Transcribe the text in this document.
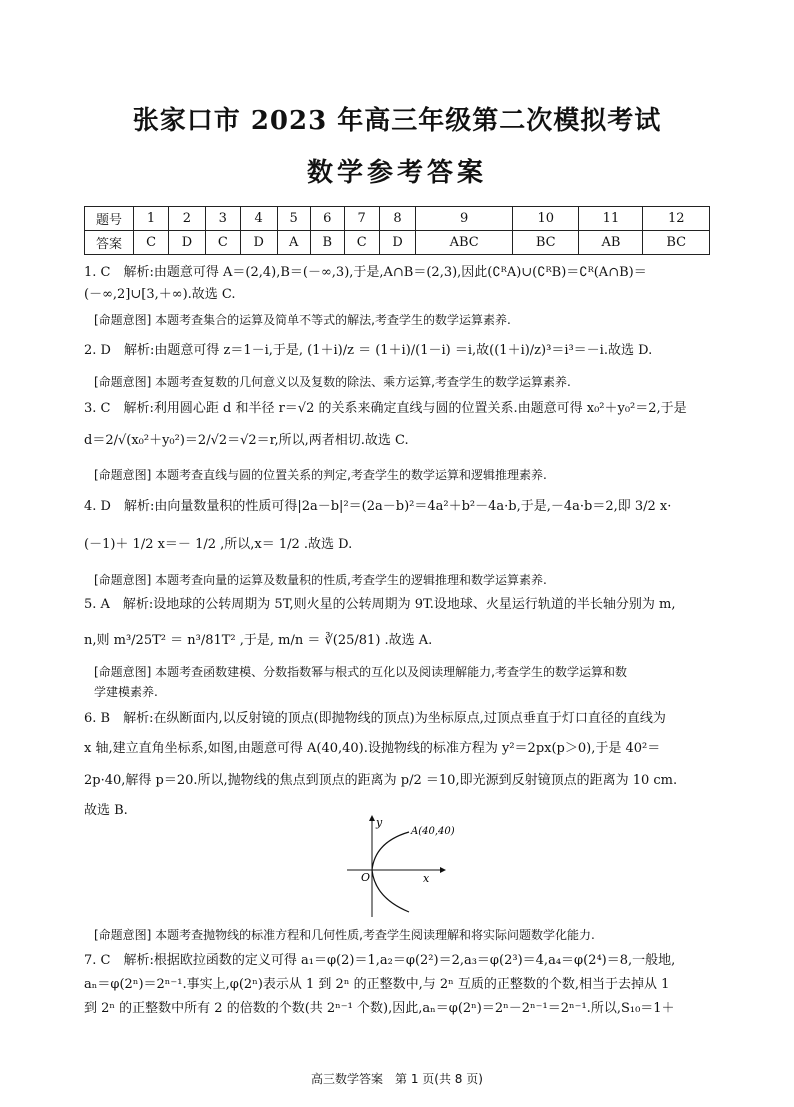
张家口市 2023 年高三年级第二次模拟考试
数学参考答案
题号	1	2	3	4	5	6	7	8	9	10	11	12
答案	C	D	C	D	A	B	C	D	ABC	BC	AB	BC
1. C　解析:由题意可得 A＝(2,4),B＝(－∞,3),于是,A∩B＝(2,3),因此(∁ᴿA)∪(∁ᴿB)＝∁ᴿ(A∩B)＝
(－∞,2]∪[3,＋∞).故选 C.
[命题意图] 本题考查集合的运算及简单不等式的解法,考查学生的数学运算素养.
2. D　解析:由题意可得 z＝1－i,于是, (1＋i)/z ＝ (1＋i)/(1－i) ＝i,故((1＋i)/z)³＝i³＝－i.故选 D.
[命题意图] 本题考查复数的几何意义以及复数的除法、乘方运算,考查学生的数学运算素养.
3. C　解析:利用圆心距 d 和半径 r＝√2 的关系来确定直线与圆的位置关系.由题意可得 x₀²＋y₀²＝2,于是
d＝2/√(x₀²＋y₀²)＝2/√2＝√2＝r,所以,两者相切.故选 C.
[命题意图] 本题考查直线与圆的位置关系的判定,考查学生的数学运算和逻辑推理素养.
4. D　解析:由向量数量积的性质可得|2a－b|²＝(2a－b)²＝4a²＋b²－4a·b,于是,－4a·b＝2,即 3/2 x·
(－1)＋ 1/2 x＝－ 1/2 ,所以,x＝ 1/2 .故选 D.
[命题意图] 本题考查向量的运算及数量积的性质,考查学生的逻辑推理和数学运算素养.
5. A　解析:设地球的公转周期为 5T,则火星的公转周期为 9T.设地球、火星运行轨道的半长轴分别为 m,
n,则 m³/25T² ＝ n³/81T² ,于是, m/n ＝ ∛(25/81) .故选 A.
[命题意图] 本题考查函数建模、分数指数幂与根式的互化以及阅读理解能力,考查学生的数学运算和数
学建模素养.
6. B　解析:在纵断面内,以反射镜的顶点(即抛物线的顶点)为坐标原点,过顶点垂直于灯口直径的直线为
x 轴,建立直角坐标系,如图,由题意可得 A(40,40).设抛物线的标准方程为 y²＝2px(p＞0),于是 40²＝
2p·40,解得 p＝20.所以,抛物线的焦点到顶点的距离为 p/2 ＝10,即光源到反射镜顶点的距离为 10 cm.
故选 B.
A(40,40)
x
y
O
[命题意图] 本题考查抛物线的标准方程和几何性质,考查学生阅读理解和将实际问题数学化能力.
7. C　解析:根据欧拉函数的定义可得 a₁＝φ(2)＝1,a₂＝φ(2²)＝2,a₃＝φ(2³)＝4,a₄＝φ(2⁴)＝8,一般地,
aₙ＝φ(2ⁿ)＝2ⁿ⁻¹.事实上,φ(2ⁿ)表示从 1 到 2ⁿ 的正整数中,与 2ⁿ 互质的正整数的个数,相当于去掉从 1
到 2ⁿ 的正整数中所有 2 的倍数的个数(共 2ⁿ⁻¹ 个数),因此,aₙ＝φ(2ⁿ)＝2ⁿ－2ⁿ⁻¹＝2ⁿ⁻¹.所以,S₁₀＝1＋
高三数学答案　第 1 页(共 8 页)
